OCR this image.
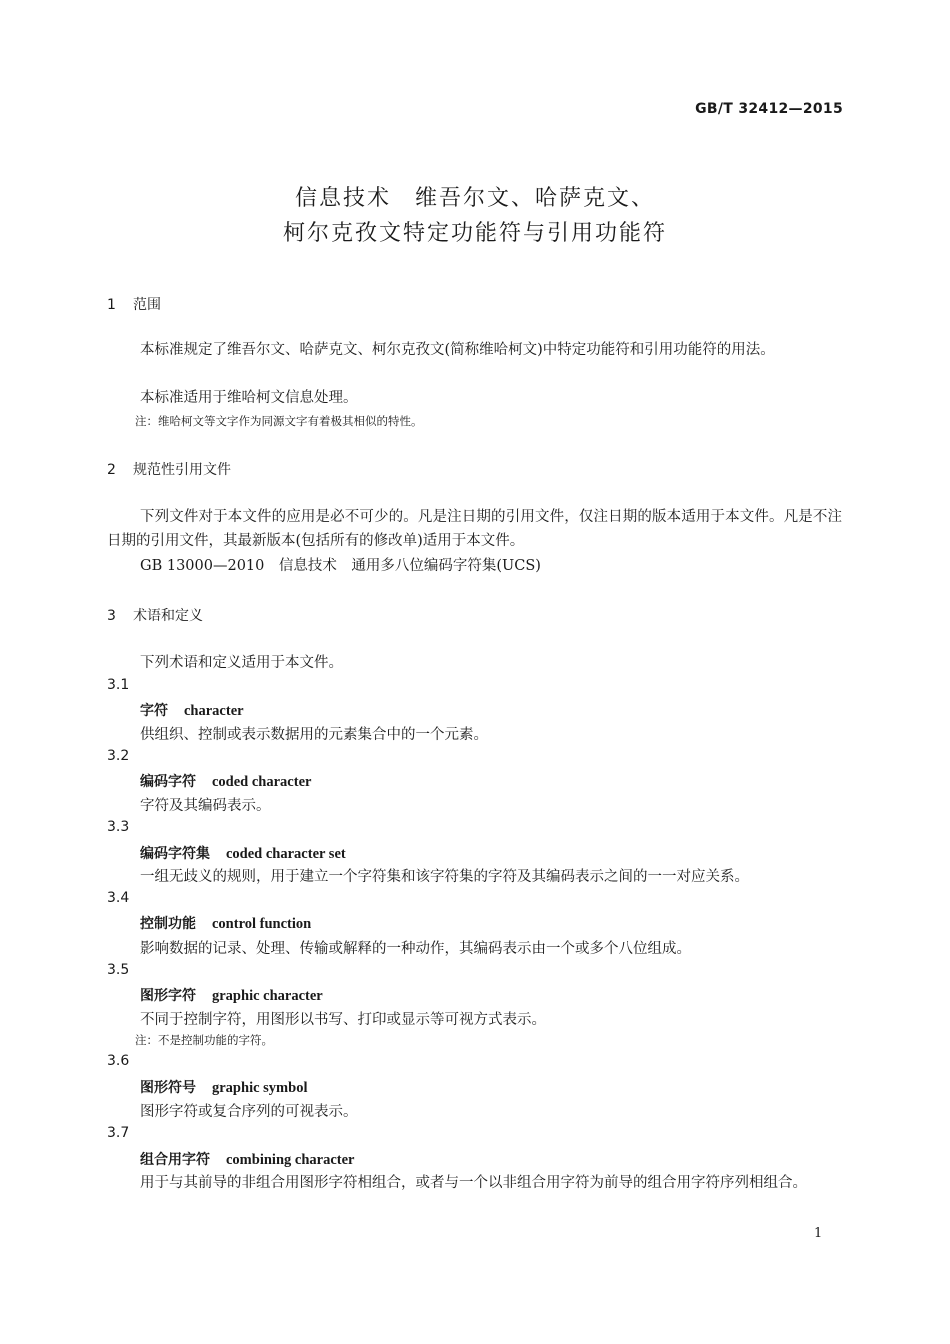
GB/T 32412—2015
信息技术　维吾尔文、哈萨克文、
柯尔克孜文特定功能符与引用功能符
1 范围
本标准规定了维吾尔文、哈萨克文、柯尔克孜文(简称维哈柯文)中特定功能符和引用功能符的用法。
本标准适用于维哈柯文信息处理。
注：维哈柯文等文字作为同源文字有着极其相似的特性。
2 规范性引用文件
下列文件对于本文件的应用是必不可少的。凡是注日期的引用文件，仅注日期的版本适用于本文件。凡是不注日期的引用文件，其最新版本(包括所有的修改单)适用于本文件。
GB 13000—2010　信息技术　通用多八位编码字符集(UCS)
3 术语和定义
下列术语和定义适用于本文件。
3.1
字符 character
供组织、控制或表示数据用的元素集合中的一个元素。
3.2
编码字符 coded character
字符及其编码表示。
3.3
编码字符集 coded character set
一组无歧义的规则，用于建立一个字符集和该字符集的字符及其编码表示之间的一一对应关系。
3.4
控制功能 control function
影响数据的记录、处理、传输或解释的一种动作，其编码表示由一个或多个八位组成。
3.5
图形字符 graphic character
不同于控制字符，用图形以书写、打印或显示等可视方式表示。
注：不是控制功能的字符。
3.6
图形符号 graphic symbol
图形字符或复合序列的可视表示。
3.7
组合用字符 combining character
用于与其前导的非组合用图形字符相组合，或者与一个以非组合用字符为前导的组合用字符序列相组合。
1
